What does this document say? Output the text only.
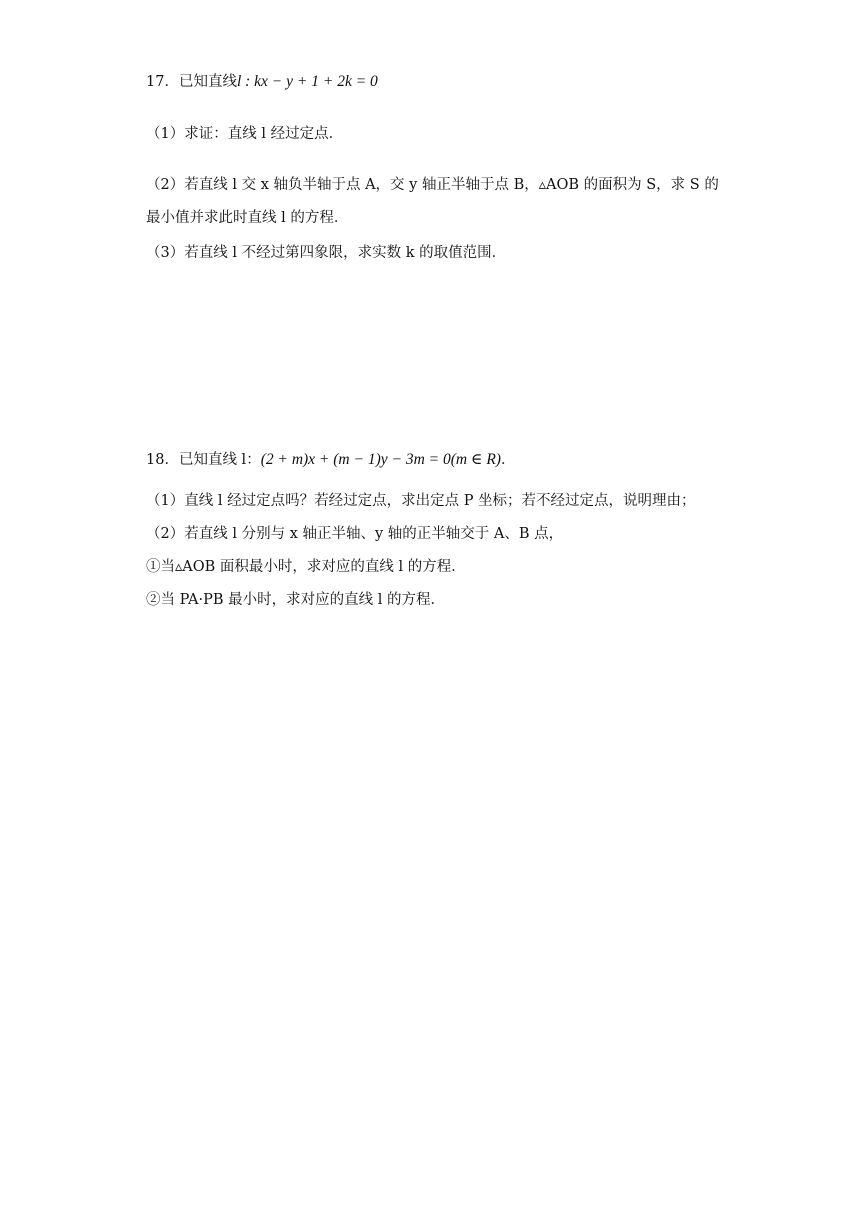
17．已知直线l : kx − y + 1 + 2k = 0
（1）求证：直线 l 经过定点．
（2）若直线 l 交 x 轴负半轴于点 A，交 y 轴正半轴于点 B，▵AOB 的面积为 S，求 S 的
最小值并求此时直线 l 的方程．
（3）若直线 l 不经过第四象限，求实数 k 的取值范围．
18．已知直线 l：(2 + m)x + (m − 1)y − 3m = 0(m ∈ R)．
（1）直线 l 经过定点吗？若经过定点，求出定点 P 坐标；若不经过定点，说明理由；
（2）若直线 l 分别与 x 轴正半轴、y 轴的正半轴交于 A、B 点，
①当▵AOB 面积最小时，求对应的直线 l 的方程．
②当 PA·PB 最小时，求对应的直线 l 的方程．
